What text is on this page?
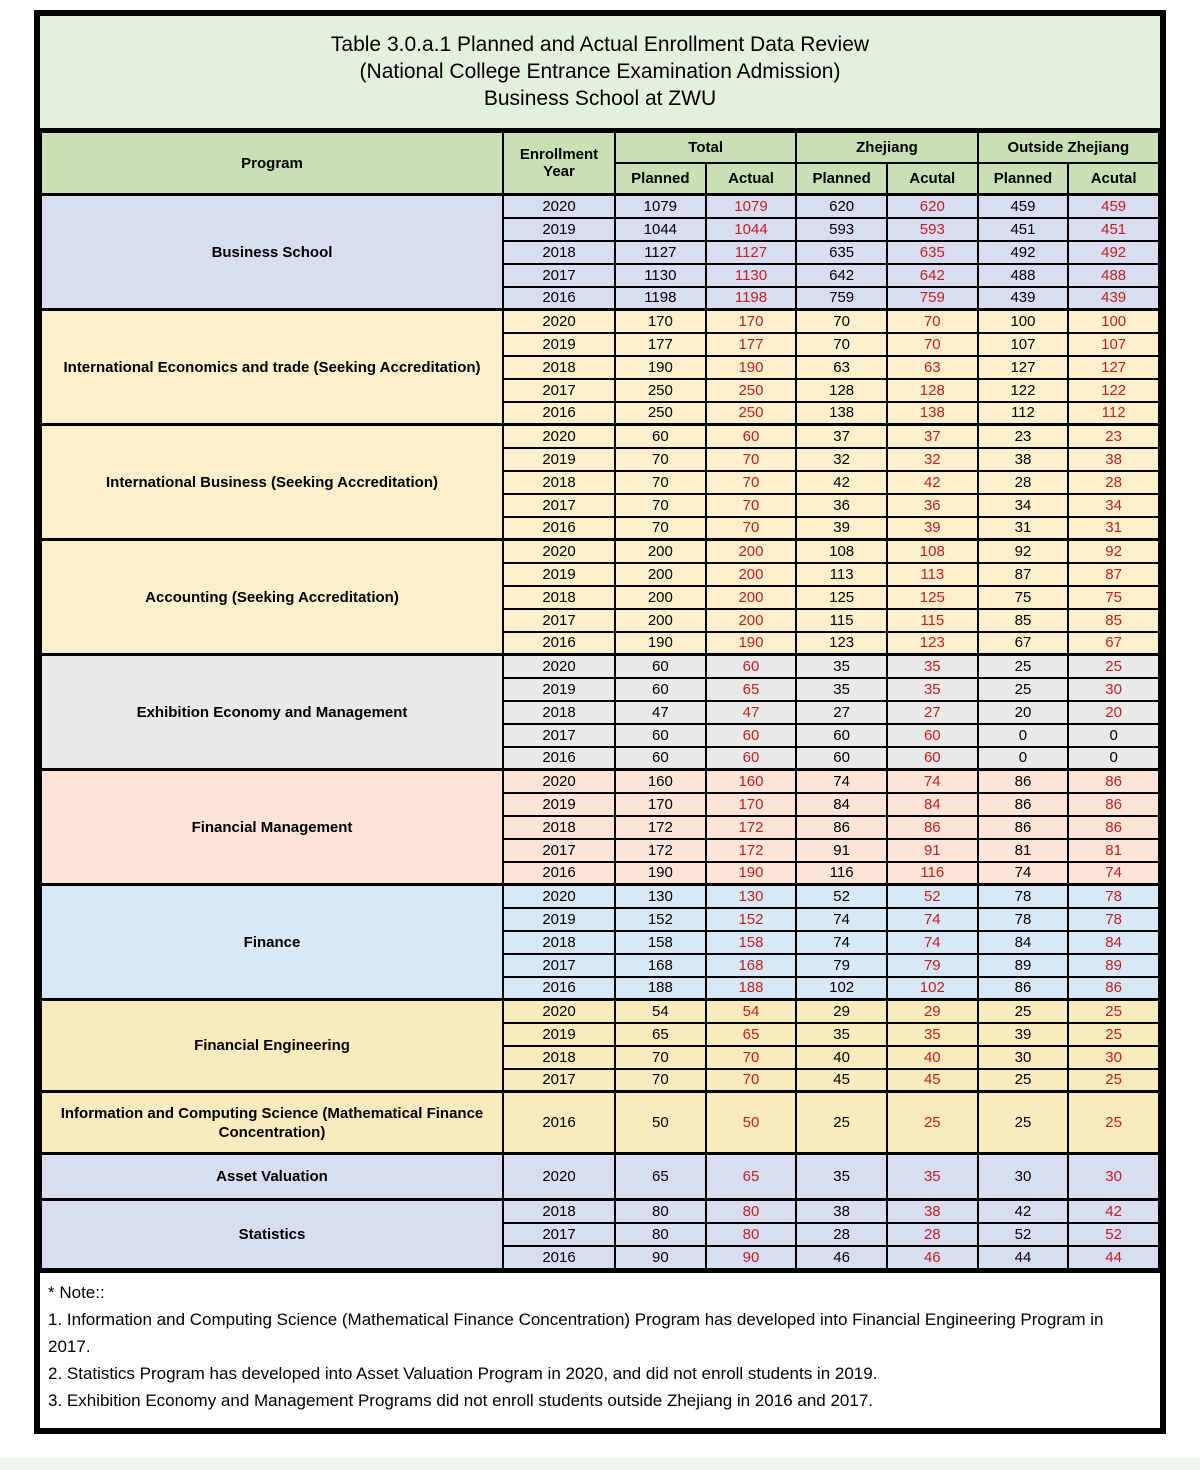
Table 3.0.a.1 Planned and Actual Enrollment Data Review
(National College Entrance Examination Admission)
Business School at ZWU
Program	Enrollment Year	Total		Zhejiang		Outside Zhejiang	
		Planned	Actual	Planned	Acutal	Planned	Acutal
Business School	2020	1079	1079	620	620	459	459
	2019	1044	1044	593	593	451	451
	2018	1127	1127	635	635	492	492
	2017	1130	1130	642	642	488	488
	2016	1198	1198	759	759	439	439
International Economics and trade (Seeking Accreditation)	2020	170	170	70	70	100	100
	2019	177	177	70	70	107	107
	2018	190	190	63	63	127	127
	2017	250	250	128	128	122	122
	2016	250	250	138	138	112	112
International Business (Seeking Accreditation)	2020	60	60	37	37	23	23
	2019	70	70	32	32	38	38
	2018	70	70	42	42	28	28
	2017	70	70	36	36	34	34
	2016	70	70	39	39	31	31
Accounting (Seeking Accreditation)	2020	200	200	108	108	92	92
	2019	200	200	113	113	87	87
	2018	200	200	125	125	75	75
	2017	200	200	115	115	85	85
	2016	190	190	123	123	67	67
Exhibition Economy and Management	2020	60	60	35	35	25	25
	2019	60	65	35	35	25	30
	2018	47	47	27	27	20	20
	2017	60	60	60	60	0	0
	2016	60	60	60	60	0	0
Financial Management	2020	160	160	74	74	86	86
	2019	170	170	84	84	86	86
	2018	172	172	86	86	86	86
	2017	172	172	91	91	81	81
	2016	190	190	116	116	74	74
Finance	2020	130	130	52	52	78	78
	2019	152	152	74	74	78	78
	2018	158	158	74	74	84	84
	2017	168	168	79	79	89	89
	2016	188	188	102	102	86	86
Financial Engineering	2020	54	54	29	29	25	25
	2019	65	65	35	35	39	25
	2018	70	70	40	40	30	30
	2017	70	70	45	45	25	25
Information and Computing Science (Mathematical Finance Concentration)	2016	50	50	25	25	25	25
Asset Valuation	2020	65	65	35	35	30	30
Statistics	2018	80	80	38	38	42	42
	2017	80	80	28	28	52	52
	2016	90	90	46	46	44	44
* Note::
1. Information and Computing Science (Mathematical Finance Concentration) Program has developed into Financial Engineering Program in 2017.
2. Statistics Program has developed into Asset Valuation Program in 2020, and did not enroll students in 2019.
3. Exhibition Economy and Management Programs did not enroll students outside Zhejiang in 2016 and 2017.
